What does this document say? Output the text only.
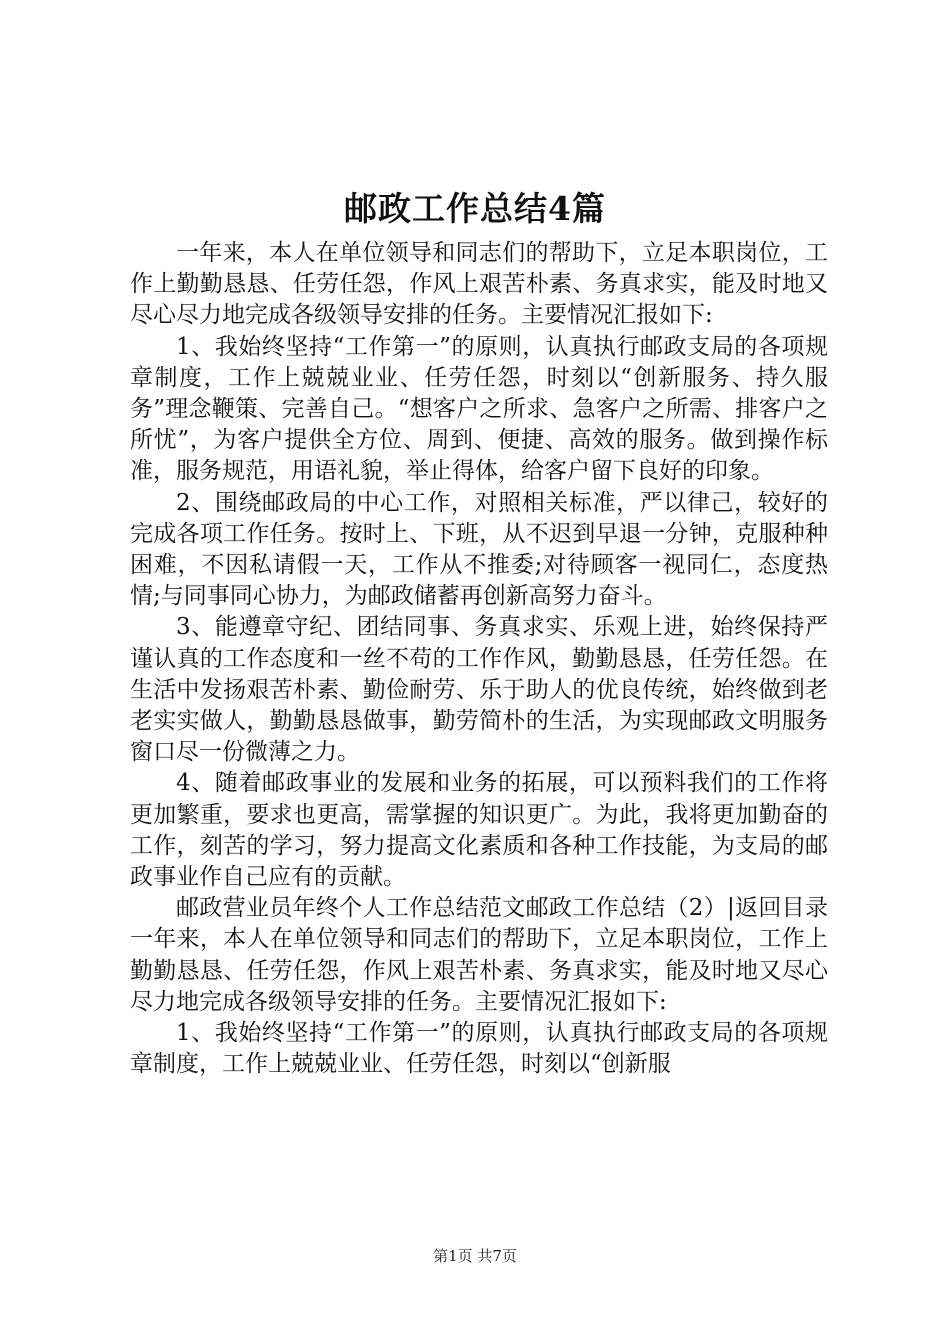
邮政工作总结4篇

一年来，本人在单位领导和同志们的帮助下，立足本职岗位，工作上勤勤恳恳、任劳任怨，作风上艰苦朴素、务真求实，能及时地又尽心尽力地完成各级领导安排的任务。主要情况汇报如下:

1、我始终坚持“工作第一”的原则，认真执行邮政支局的各项规章制度，工作上兢兢业业、任劳任怨，时刻以“创新服务、持久服务”理念鞭策、完善自己。“想客户之所求、急客户之所需、排客户之所忧”，为客户提供全方位、周到、便捷、高效的服务。做到操作标准，服务规范，用语礼貌，举止得体，给客户留下良好的印象。

2、围绕邮政局的中心工作，对照相关标准，严以律己，较好的完成各项工作任务。按时上、下班，从不迟到早退一分钟，克服种种困难，不因私请假一天，工作从不推委;对待顾客一视同仁，态度热情;与同事同心协力，为邮政储蓄再创新高努力奋斗。

3、能遵章守纪、团结同事、务真求实、乐观上进，始终保持严谨认真的工作态度和一丝不苟的工作作风，勤勤恳恳，任劳任怨。在生活中发扬艰苦朴素、勤俭耐劳、乐于助人的优良传统，始终做到老老实实做人，勤勤恳恳做事，勤劳简朴的生活，为实现邮政文明服务窗口尽一份微薄之力。

4、随着邮政事业的发展和业务的拓展，可以预料我们的工作将更加繁重，要求也更高，需掌握的知识更广。为此，我将更加勤奋的工作，刻苦的学习，努力提高文化素质和各种工作技能，为支局的邮政事业作自己应有的贡献。

邮政营业员年终个人工作总结范文邮政工作总结（2）|返回目录一年来，本人在单位领导和同志们的帮助下，立足本职岗位，工作上勤勤恳恳、任劳任怨，作风上艰苦朴素、务真求实，能及时地又尽心尽力地完成各级领导安排的任务。主要情况汇报如下:

1、我始终坚持“工作第一”的原则，认真执行邮政支局的各项规章制度，工作上兢兢业业、任劳任怨，时刻以“创新服

第1页 共7页
